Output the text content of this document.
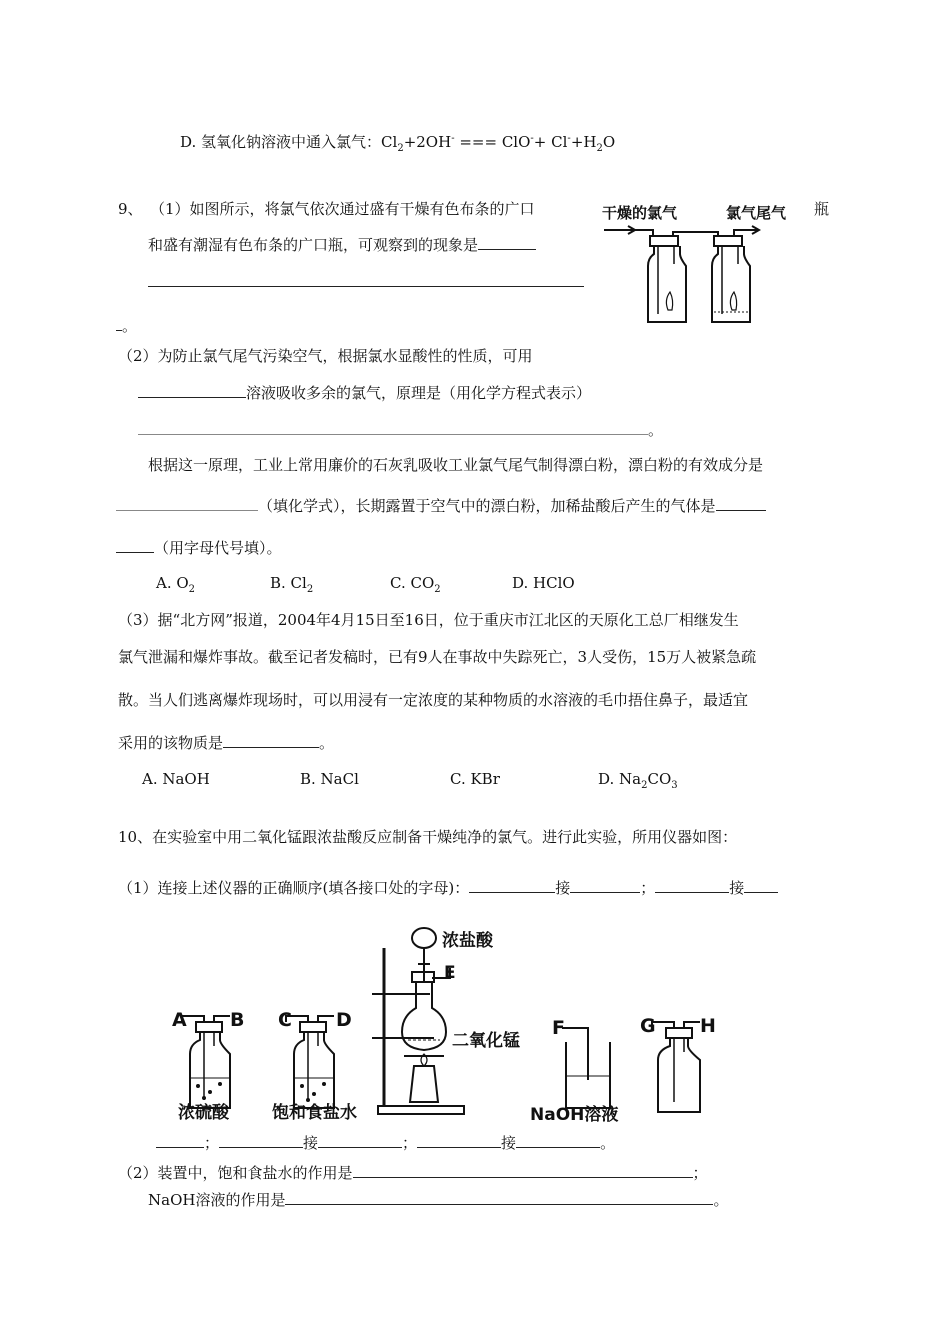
D. 氢氧化钠溶液中通入氯气：$Cl_2+2OH^-$ === $ClO^-+ Cl^-+H_2O$
9、 （1）如图所示，将氯气依次通过盛有干燥有色布条的广口	瓶
和盛有潮湿有色布条的广口瓶，可观察到的现象是
。
干燥的氯气	氯气尾气
（2）为防止氯气尾气污染空气，根据氯水显酸性的性质，可用
溶液吸收多余的氯气，原理是（用化学方程式表示）
。
根据这一原理，工业上常用廉价的石灰乳吸收工业氯气尾气制得漂白粉，漂白粉的有效成分是
（填化学式），长期露置于空气中的漂白粉，加稀盐酸后产生的气体是
（用字母代号填）。
A. $O_2$	B. $Cl_2$	C. $CO_2$	D. HClO
（3）据“北方网”报道，2004年4月15日至16日，位于重庆市江北区的天原化工总厂相继发生
氯气泄漏和爆炸事故。截至记者发稿时，已有9人在事故中失踪死亡，3人受伤，15万人被紧急疏
散。当人们逃离爆炸现场时，可以用浸有一定浓度的某种物质的水溶液的毛巾捂住鼻子，最适宜
采用的该物质是	。
A. NaOH	B. NaCl	C. KBr	D. $Na_2CO_3$
10、在实验室中用二氧化锰跟浓盐酸反应制备干燥纯净的氯气。进行此实验，所用仪器如图：
（1）连接上述仪器的正确顺序(填各接口处的字母)：	接	；	接
浓盐酸
E
二氧化锰
A B C D	F	G H
浓硫酸	饱和食盐水	NaOH溶液
；	接	；	接	。
（2）装置中，饱和食盐水的作用是	；
NaOH溶液的作用是	。
